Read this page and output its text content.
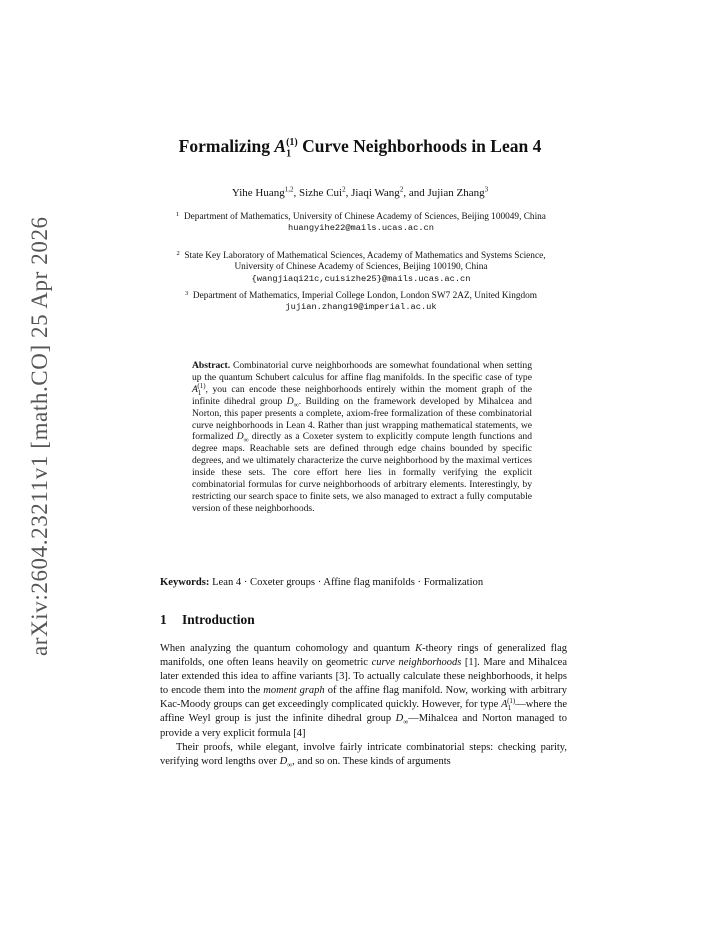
arXiv:2604.23211v1 [math.CO] 25 Apr 2026
Formalizing $A_1^{(1)}$ Curve Neighborhoods in Lean 4
Yihe Huang$^{1,2}$, Sizhe Cui$^2$, Jiaqi Wang$^2$, and Jujian Zhang$^3$
$^1$ Department of Mathematics, University of Chinese Academy of Sciences, Beijing 100049, China
huangyihe22@mails.ucas.ac.cn
$^2$ State Key Laboratory of Mathematical Sciences, Academy of Mathematics and Systems Science, University of Chinese Academy of Sciences, Beijing 100190, China
{wangjiaqi21c,cuisizhe25}@mails.ucas.ac.cn
$^3$ Department of Mathematics, Imperial College London, London SW7 2AZ, United Kingdom
jujian.zhang19@imperial.ac.uk
Abstract. Combinatorial curve neighborhoods are somewhat foundational when setting up the quantum Schubert calculus for affine flag manifolds. In the specific case of type $A_1^{(1)}$, you can encode these neighborhoods entirely within the moment graph of the infinite dihedral group $D_\infty$. Building on the framework developed by Mihalcea and Norton, this paper presents a complete, axiom-free formalization of these combinatorial curve neighborhoods in Lean 4. Rather than just wrapping mathematical statements, we formalized $D_\infty$ directly as a Coxeter system to explicitly compute length functions and degree maps. Reachable sets are defined through edge chains bounded by specific degrees, and we ultimately characterize the curve neighborhood by the maximal vertices inside these sets. The core effort here lies in formally verifying the explicit combinatorial formulas for curve neighborhoods of arbitrary elements. Interestingly, by restricting our search space to finite sets, we also managed to extract a fully computable version of these neighborhoods.
Keywords: Lean 4 · Coxeter groups · Affine flag manifolds · Formalization
1 Introduction

When analyzing the quantum cohomology and quantum K-theory rings of generalized flag manifolds, one often leans heavily on geometric curve neighborhoods [1]. Mare and Mihalcea later extended this idea to affine variants [3]. To actually calculate these neighborhoods, it helps to encode them into the moment graph of the affine flag manifold. Now, working with arbitrary Kac-Moody groups can get exceedingly complicated quickly. However, for type $A_1^{(1)}—where$ the affine Weyl group is just the infinite dihedral group $D_\infty—Mihalcea$ and Norton managed to provide a very explicit formula [4]

Their proofs, while elegant, involve fairly intricate combinatorial steps: checking parity, verifying word lengths over $D_\infty$, and so on. These kinds of arguments
